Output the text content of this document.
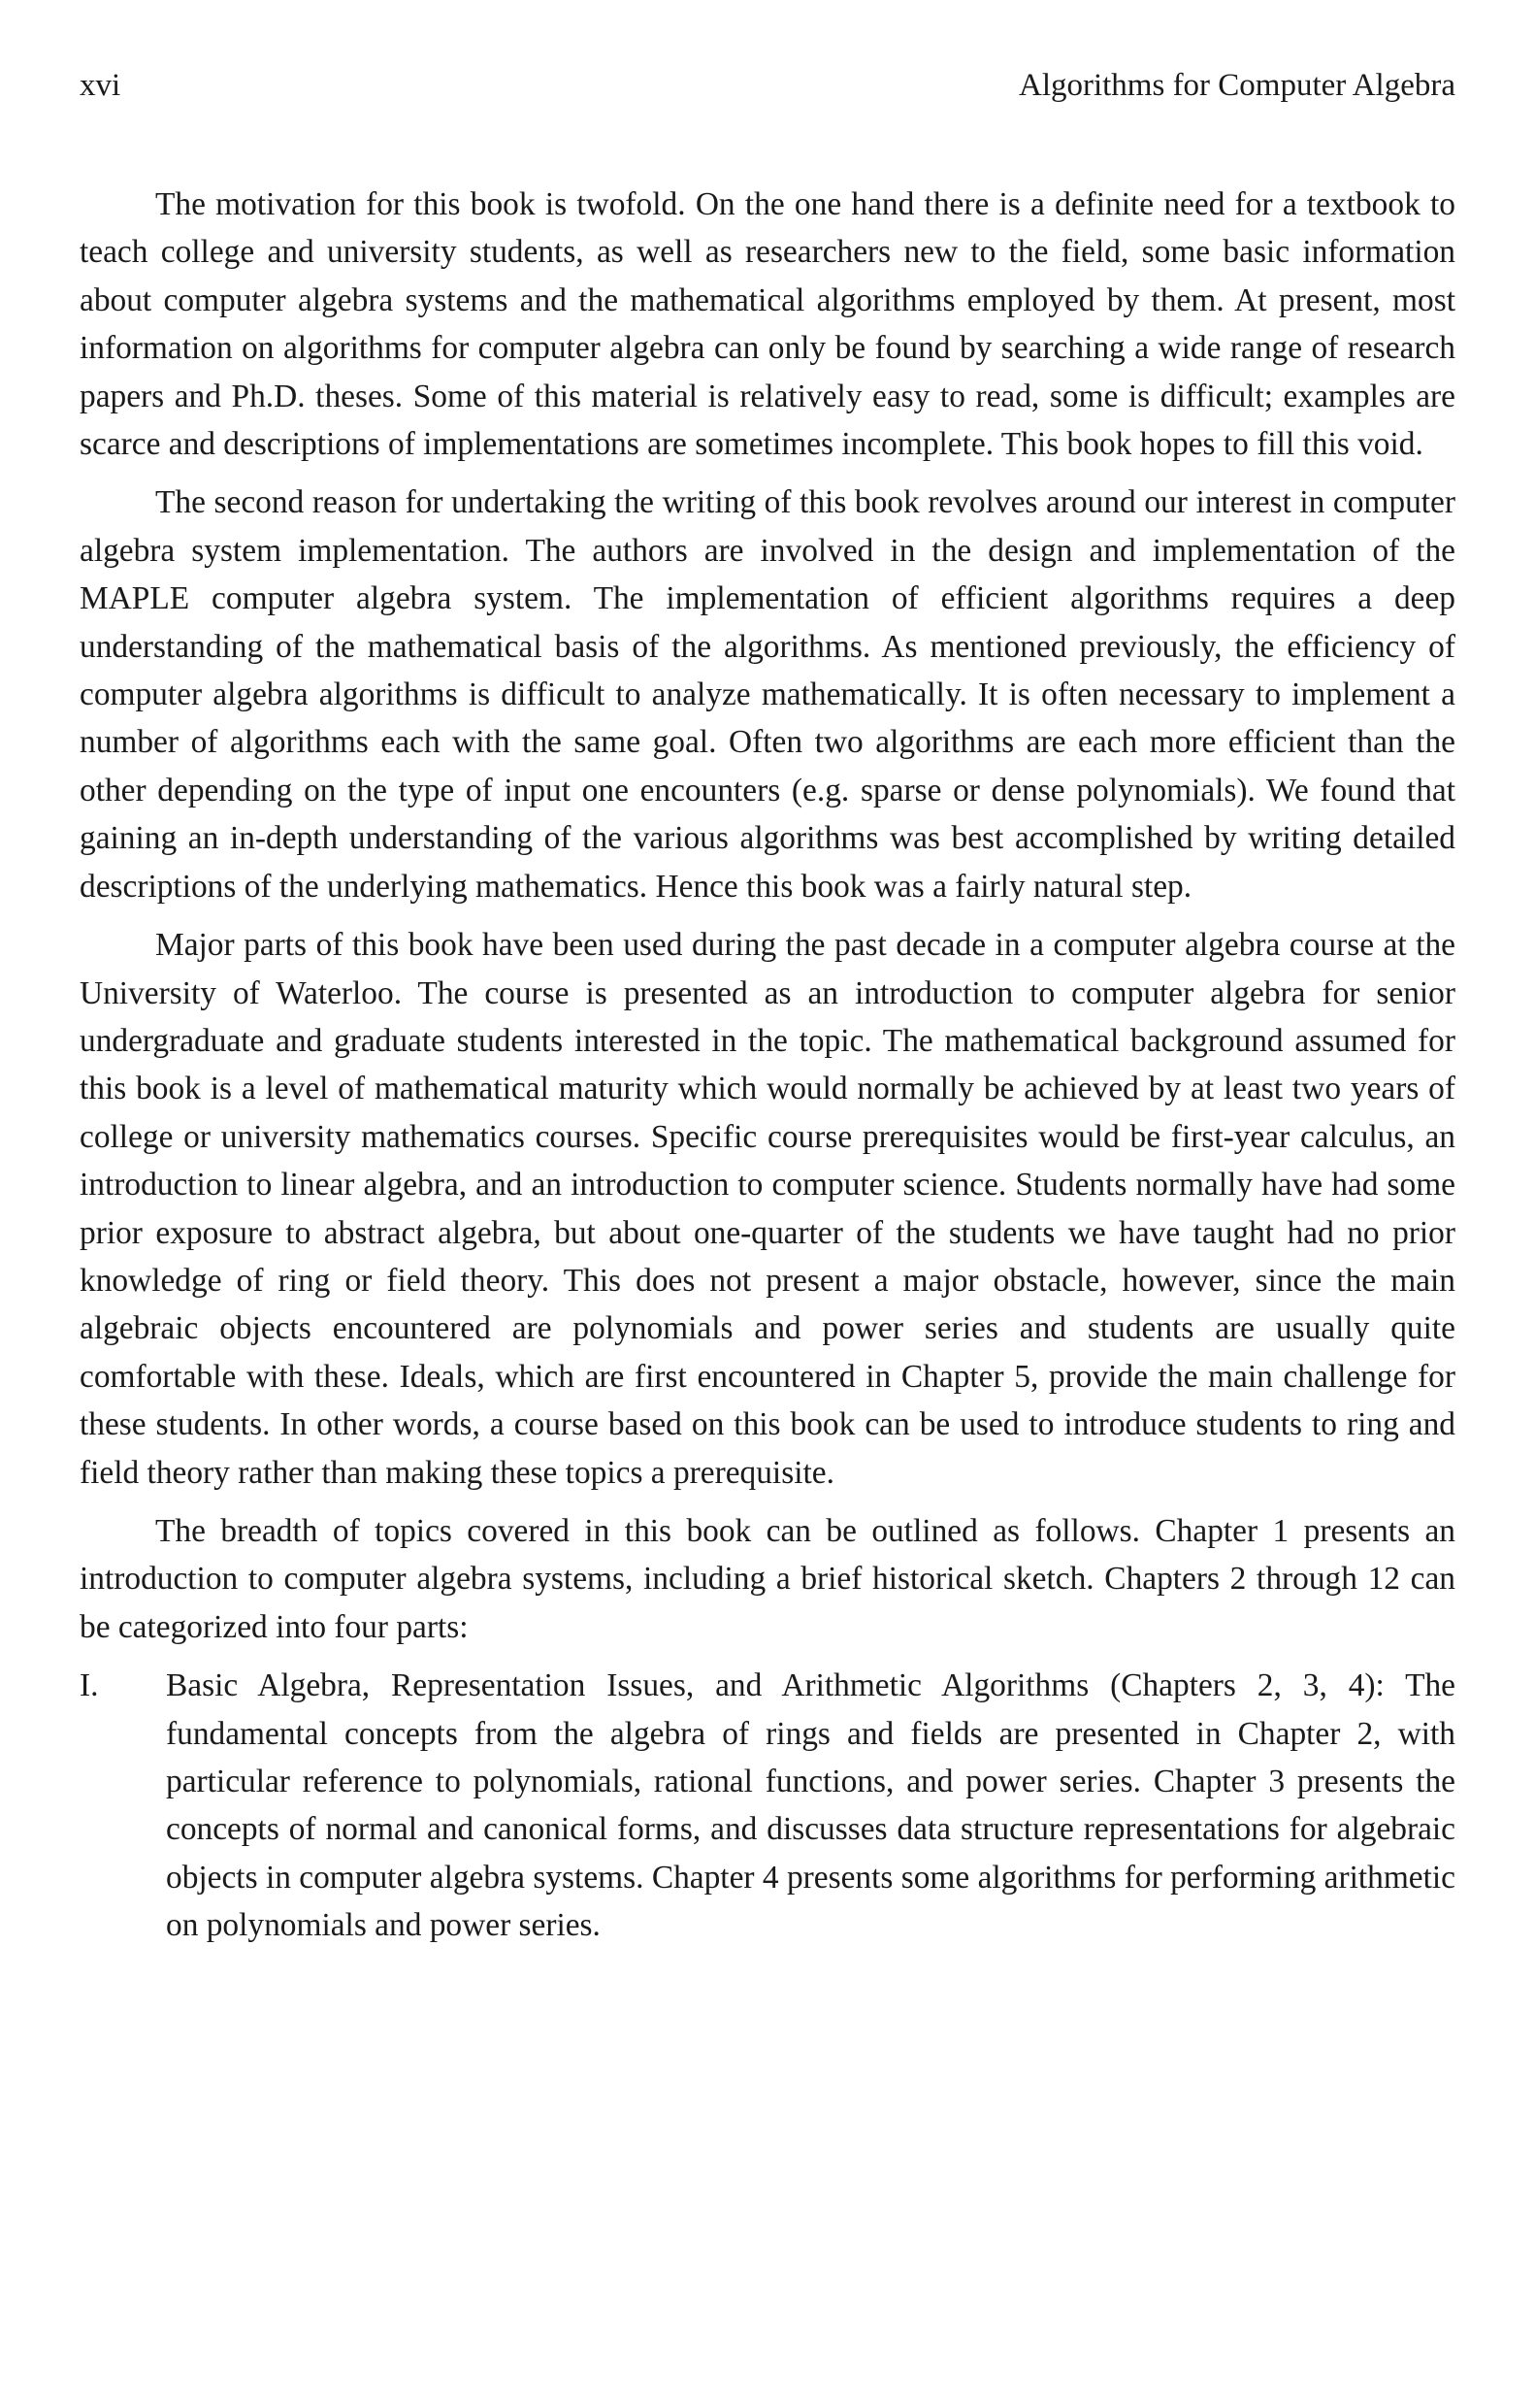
xvi	Algorithms for Computer Algebra

The motivation for this book is twofold. On the one hand there is a definite need for a textbook to teach college and university students, as well as researchers new to the field, some basic information about computer algebra systems and the mathematical algorithms employed by them. At present, most information on algorithms for computer algebra can only be found by searching a wide range of research papers and Ph.D. theses. Some of this material is relatively easy to read, some is difficult; examples are scarce and descriptions of implementations are sometimes incomplete. This book hopes to fill this void.

The second reason for undertaking the writing of this book revolves around our interest in computer algebra system implementation. The authors are involved in the design and implementation of the MAPLE computer algebra system. The implementation of efficient algorithms requires a deep understanding of the mathematical basis of the algorithms. As mentioned previously, the efficiency of computer algebra algorithms is difficult to analyze mathematically. It is often necessary to implement a number of algorithms each with the same goal. Often two algorithms are each more efficient than the other depending on the type of input one encounters (e.g. sparse or dense polynomials). We found that gaining an in-depth understanding of the various algorithms was best accomplished by writing detailed descriptions of the underlying mathematics. Hence this book was a fairly natural step.

Major parts of this book have been used during the past decade in a computer algebra course at the University of Waterloo. The course is presented as an introduction to computer algebra for senior undergraduate and graduate students interested in the topic. The mathematical background assumed for this book is a level of mathematical maturity which would normally be achieved by at least two years of college or university mathematics courses. Specific course prerequisites would be first-year calculus, an introduction to linear algebra, and an introduction to computer science. Students normally have had some prior exposure to abstract algebra, but about one-quarter of the students we have taught had no prior knowledge of ring or field theory. This does not present a major obstacle, however, since the main algebraic objects encountered are polynomials and power series and students are usually quite comfortable with these. Ideals, which are first encountered in Chapter 5, provide the main challenge for these students. In other words, a course based on this book can be used to introduce students to ring and field theory rather than making these topics a prerequisite.

The breadth of topics covered in this book can be outlined as follows. Chapter 1 presents an introduction to computer algebra systems, including a brief historical sketch. Chapters 2 through 12 can be categorized into four parts:

I. Basic Algebra, Representation Issues, and Arithmetic Algorithms (Chapters 2, 3, 4): The fundamental concepts from the algebra of rings and fields are presented in Chapter 2, with particular reference to polynomials, rational functions, and power series. Chapter 3 presents the concepts of normal and canonical forms, and discusses data structure representations for algebraic objects in computer algebra systems. Chapter 4 presents some algorithms for performing arithmetic on polynomials and power series.
